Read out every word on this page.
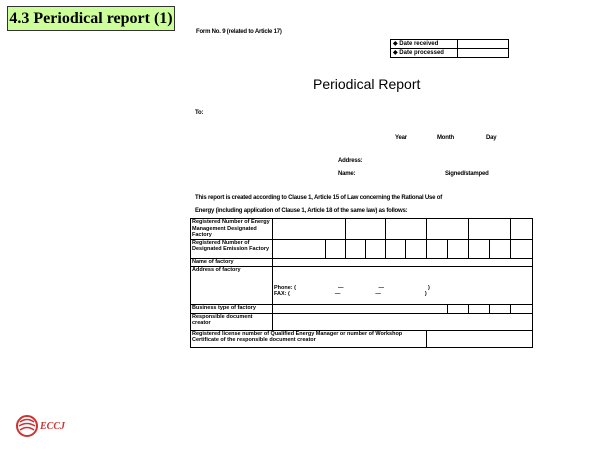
4.3 Periodical report (1)
Form No. 9 (related to Article 17)
◆ Date received	
◆ Date processed	
Periodical Report
To:
Year	Month	Day
Address:
Name:	Signed/stamped
This report is created according to Clause 1, Article 15 of Law concerning the Rational Use of
Energy (including application of Clause 1, Article 18 of the same law) as follows:
Registered Number of Energy Management Designated Factory											
Registered Number of Designated Emission Factory											
Name of factory											
Address of factory	Phone: ( — — )
FAX: ( — — )										

Business type of factory											
Responsible document creator											
Registered license number of Qualified Energy Manager or number of Workshop Certificate of the responsible document creator											
ECCJ
